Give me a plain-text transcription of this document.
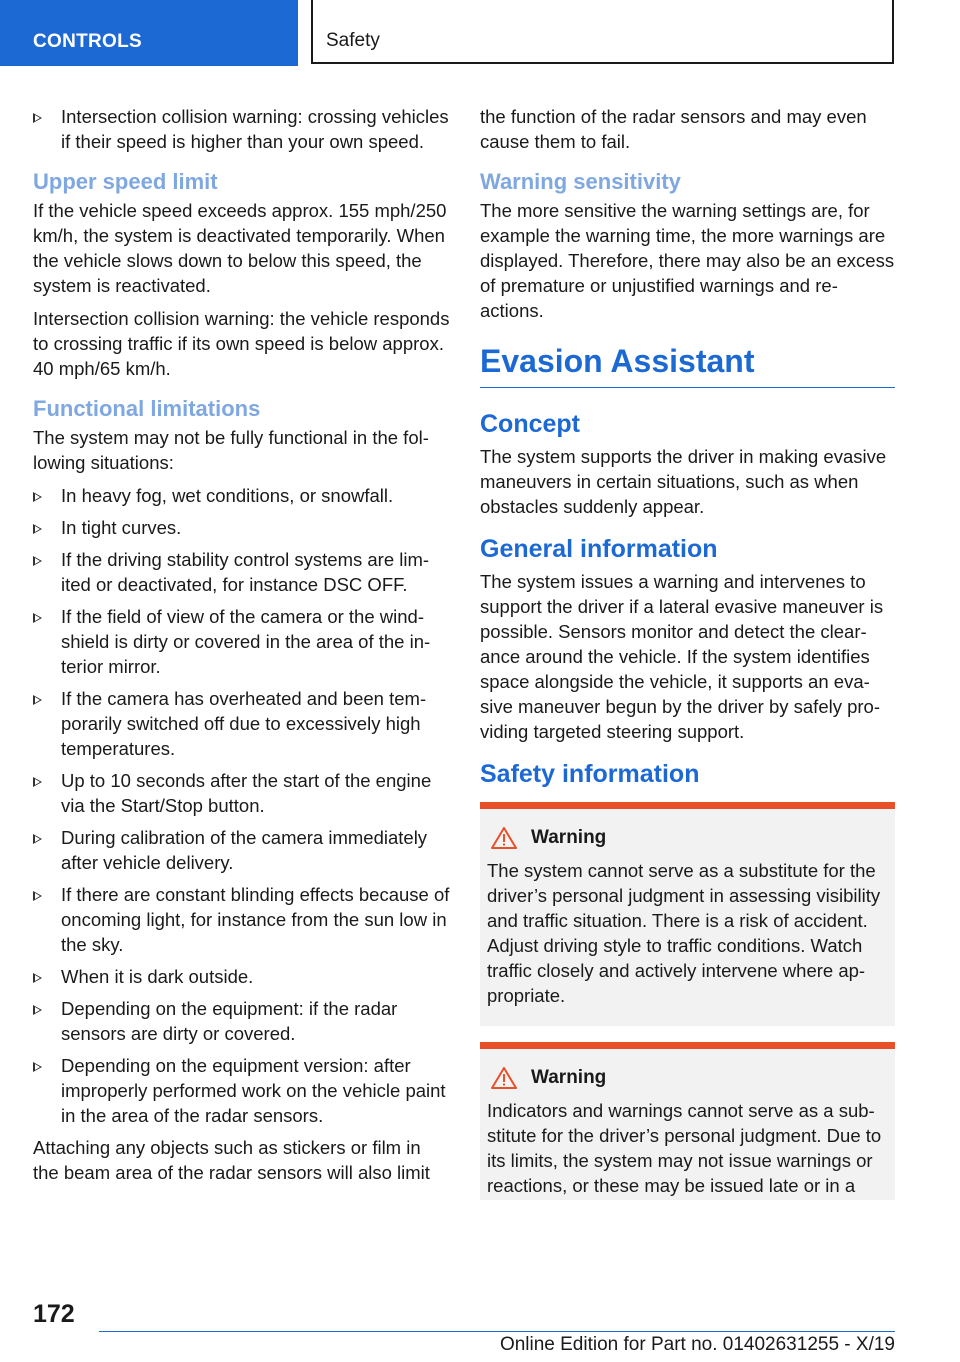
CONTROLS	Safety
Intersection collision warning: crossing vehicles if their speed is higher than your own speed.
Upper speed limit

If the vehicle speed exceeds approx. 155 mph/250 km/h, the system is deactivated temporarily. When the vehicle slows down to below this speed, the system is reactivated.

Intersection collision warning: the vehicle responds to crossing traffic if its own speed is below approx. 40 mph/65 km/h.

Functional limitations

The system may not be fully functional in the following situations:

In heavy fog, wet conditions, or snowfall.
In tight curves.
If the driving stability control systems are limited or deactivated, for instance DSC OFF.
If the field of view of the camera or the windshield is dirty or covered in the area of the interior mirror.
If the camera has overheated and been temporarily switched off due to excessively high temperatures.
Up to 10 seconds after the start of the engine via the Start/Stop button.
During calibration of the camera immediately after vehicle delivery.
If there are constant blinding effects because of oncoming light, for instance from the sun low in the sky.
When it is dark outside.
Depending on the equipment: if the radar sensors are dirty or covered.
Depending on the equipment version: after improperly performed work on the vehicle paint in the area of the radar sensors.

Attaching any objects such as stickers or film in the beam area of the radar sensors will also limit

the function of the radar sensors and may even cause them to fail.

Warning sensitivity

The more sensitive the warning settings are, for example the warning time, the more warnings are displayed. Therefore, there may also be an excess of premature or unjustified warnings and reactions.

Evasion Assistant
Concept

The system supports the driver in making evasive maneuvers in certain situations, such as when obstacles suddenly appear.

General information

The system issues a warning and intervenes to support the driver if a lateral evasive maneuver is possible. Sensors monitor and detect the clearance around the vehicle. If the system identifies space alongside the vehicle, it supports an evasive maneuver begun by the driver by safely providing targeted steering support.

Safety information
Warning

The system cannot serve as a substitute for the driver’s personal judgment in assessing visibility and traffic situation. There is a risk of accident. Adjust driving style to traffic conditions. Watch traffic closely and actively intervene where appropriate.

Warning

Indicators and warnings cannot serve as a substitute for the driver’s personal judgment. Due to its limits, the system may not issue warnings or reactions, or these may be issued late or in a

172
Online Edition for Part no. 01402631255 - X/19
